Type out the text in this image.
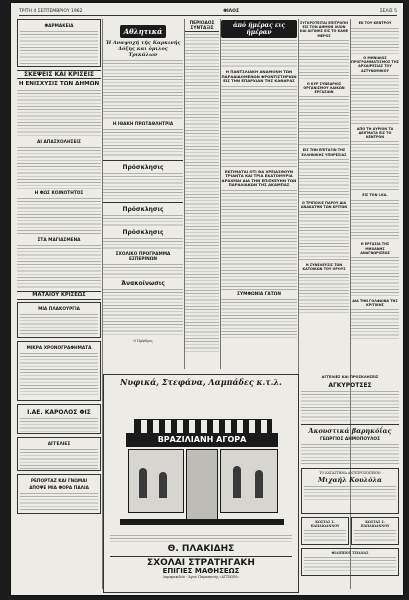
ΤΡΙΤΗ 4 ΣΕΠΤΕΜΒΡΙΟΥ 1962	ΦΙΛΟΣ	ΣΕΛΙΣ 5
ΦΑΡΜΑΚΕΙΑ
ΣΚΕΨΕΙΣ ΚΑΙ ΚΡΙΣΕΙΣ
Η ΕΝΙΣΧΥΣΙΣ ΤΩΝ ΔΗΜΩΝ
ΑΙ ΑΠΑΣΧΟΛΗΣΕΙΣ
Η ΦΩΣ ΚΟΙΝΟΤΗΤΟΣ
ΣΤΑ ΜΑΓΙΑΣΜΕΝΑ
ΜΑΤΑΙΟΥ ΚΡΙΣΕΩΣ
ΜΙΑ ΠΛΑΚΟΥΡΓΙΑ
ΜΙΚΡΑ ΧΡΟΝΟΓΡΑΦΗΜΑΤΑ
Ι.ΑΕ. ΚΑΡΟΛΟΣ ΦΙΣ
ΑΓΓΕΛΙΕΣ
ΡΕΠΟΡΤΑΖ ΚΑΙ ΓΝΩΜΑΙ
ΑΠΟΨΕ ΜΙΑ ΦΟΡΑ ΠΑΛΙΑ
Αθλητικά
Ή Αναψυχή τής Καρκινής Δόξης και όμιλος Τρικάλων
Η ΙΘΑΚΗ ΠΡΩΤΑΘΛΗΤΡΙΑ
Πρόσκλησις
Πρόσκλησις
Πρόσκλησις
ΣΧΟΛΙΚΟ ΠΡΟΓΡΑΜΜΑ ΕΣΠΕΡΙΝΩΝ
Άνακοίνωσις
Ο Πρόεδρος
ΠΕΡΙΟΔΟΣ ΣΥΝΤΑΞΙΣ	άπό ήμέρας εις ήμέραν
Η ΠΑΝΤΣΛΙΑΚΗ ΑΝΑΜΟΝΗ ΤΩΝ ΠΑΡΑΔΙΔΟΜΕΝΩΝ ΦΡΟΝΤΙΣΤΗΡΙΩΝ ΕΙΣ ΤΗΝ ΕΠΑΡΧΙΑΝ ΤΗΣ ΚΑΘΑΡΑΣ
ΕΚΤΙΜΑΤΑΙ ΟΤΙ ΘΑ ΧΡΕΙΑΣΘΟΥΝ ΤΡΙΑΝΤΑ ΚΑΙ ΤΡΙΑ ΕΚΑΤΟΜΥΡΙΑ ΔΡΑΧΜΑΙ ΔΙΑ ΤΗΝ ΕΠΙΣΚΕΥΗΝ ΤΩΝ ΠΑΡΑΛΙΑΚΩΝ ΤΗΣ ΑΚΑΜΠΑΣ
ΣΥΜΦΩΝΙΑ ΓΑΤΩΝ
ΣΥΓΚΡΟΤΕΙΤΑΙ ΕΠΙΤΡΟΠΗ ΕΙΣ ΤΟΝ ΔΗΜΟΝ ΙΛΙΟΝ ΚΑΙ ΑΙΓΙΝΗΣ ΕΙΣ ΤΟ ΚΑΘΕ ΜΕΡΟΣ
Ο ΚΥΡ ΣΥΝΕΔΡΙΟΣ ΟΡΓΑΝΙΣΜΟΥ ΛΑΙΚΩΝ ΕΡΓΑΣΙΩΝ
ΕΙΣ ΤΗΝ ΕΠΙΤΑΞΙΝ ΤΗΣ ΕΛΛΗΝΙΚΗΣ ΥΠΗΡΕΣΙΑΣ
Ο ΤΡΙΠΟΛΙΣ ΠΑΡΟΥ ΔΙΑ ΑΝΑΚΑΤΗΝ ΤΩΝ ΚΡΙΤΩΝ
Η ΣΥΝΕΛΕΥΣΙΣ ΤΩΝ ΚΑΤΟΙΚΩΝ ΤΟΥ ΟΡΟΥΣ
ΕΚ ΤΟΥ ΚΕΝΤΡΟΥ
Ο ΜΗΝΙΑΙΟΣ ΠΡΟΓΡΑΜΜΑΤΙΣΜΟΣ ΤΗΣ ΑΡΧΑΙΡΕΣΙΑΣ ΤΟΥ ΑΣΤΥΝΟΜΙΚΟΥ
ΑΠΟ ΤΗ ΑΥΡΙΟΝ ΤΑ ΔΕΙΓΜΑΤΑ ΕΙΣ ΤΟ ΚΕΝΤΡΟΝ
ΕΙΣ ΤΟΝ Ι.ΚΑ.
Η ΕΡΓΑΣΙΑ ΤΗΣ ΜΗΧΑΝΗΣ ΑΝΑΓΝΩΡΙΣΕΩΣ
ΔΙΑ ΤΗΝ ΓΟΛΦΑΙΝΑ ΤΗΣ ΚΡΙΤΙΚΗΣ
ΑΓΓΕΛΙΕΣ ΚΑΙ ΠΡΟΣΚΛΗΣΕΙΣ
ΑΓΚΥΡΟΤΣΕΣ
Άκουστικά βαρηκόΐας
ΓΕΩΡΓΙΟΣ ΔΗΜΟΠΟΥΛΟΣ
ΤΟ ΚΑΤΑΣΤΗΜΑ ΑΝΤΙΠΡΟΣΩΠΕΙΩΝ
Μιχαήλ Κουλόλα
ΚΩΣΤΑΣ Σ. ΠΑΠΑΙΩΑΝΝΟΥ
ΚΩΣΤΑΣ Σ. ΠΑΠΑΙΩΑΝΝΟΥ
ΦΙΛΙΠΠΟΣ ΤΖΙΑΝΑΣ
Νυφικά, Στεφάνα, Λαμπάδες κ.τ.λ.
ΒΡΑΖΙΛΙΑΝΗ ΑΓΟΡΑ
Θ. ΠΛΑΚΙΔΗΣ
ΣΧΟΛΑΙ ΣΤΡΑΤΗΓΑΚΗ
ΕΠΙΓΙΕΣ ΜΑΘΗΣΕΩΣ
Λαμπρακιδών - Άγων Παρασκευής «ΑΤΤΙΚΟΝ»
